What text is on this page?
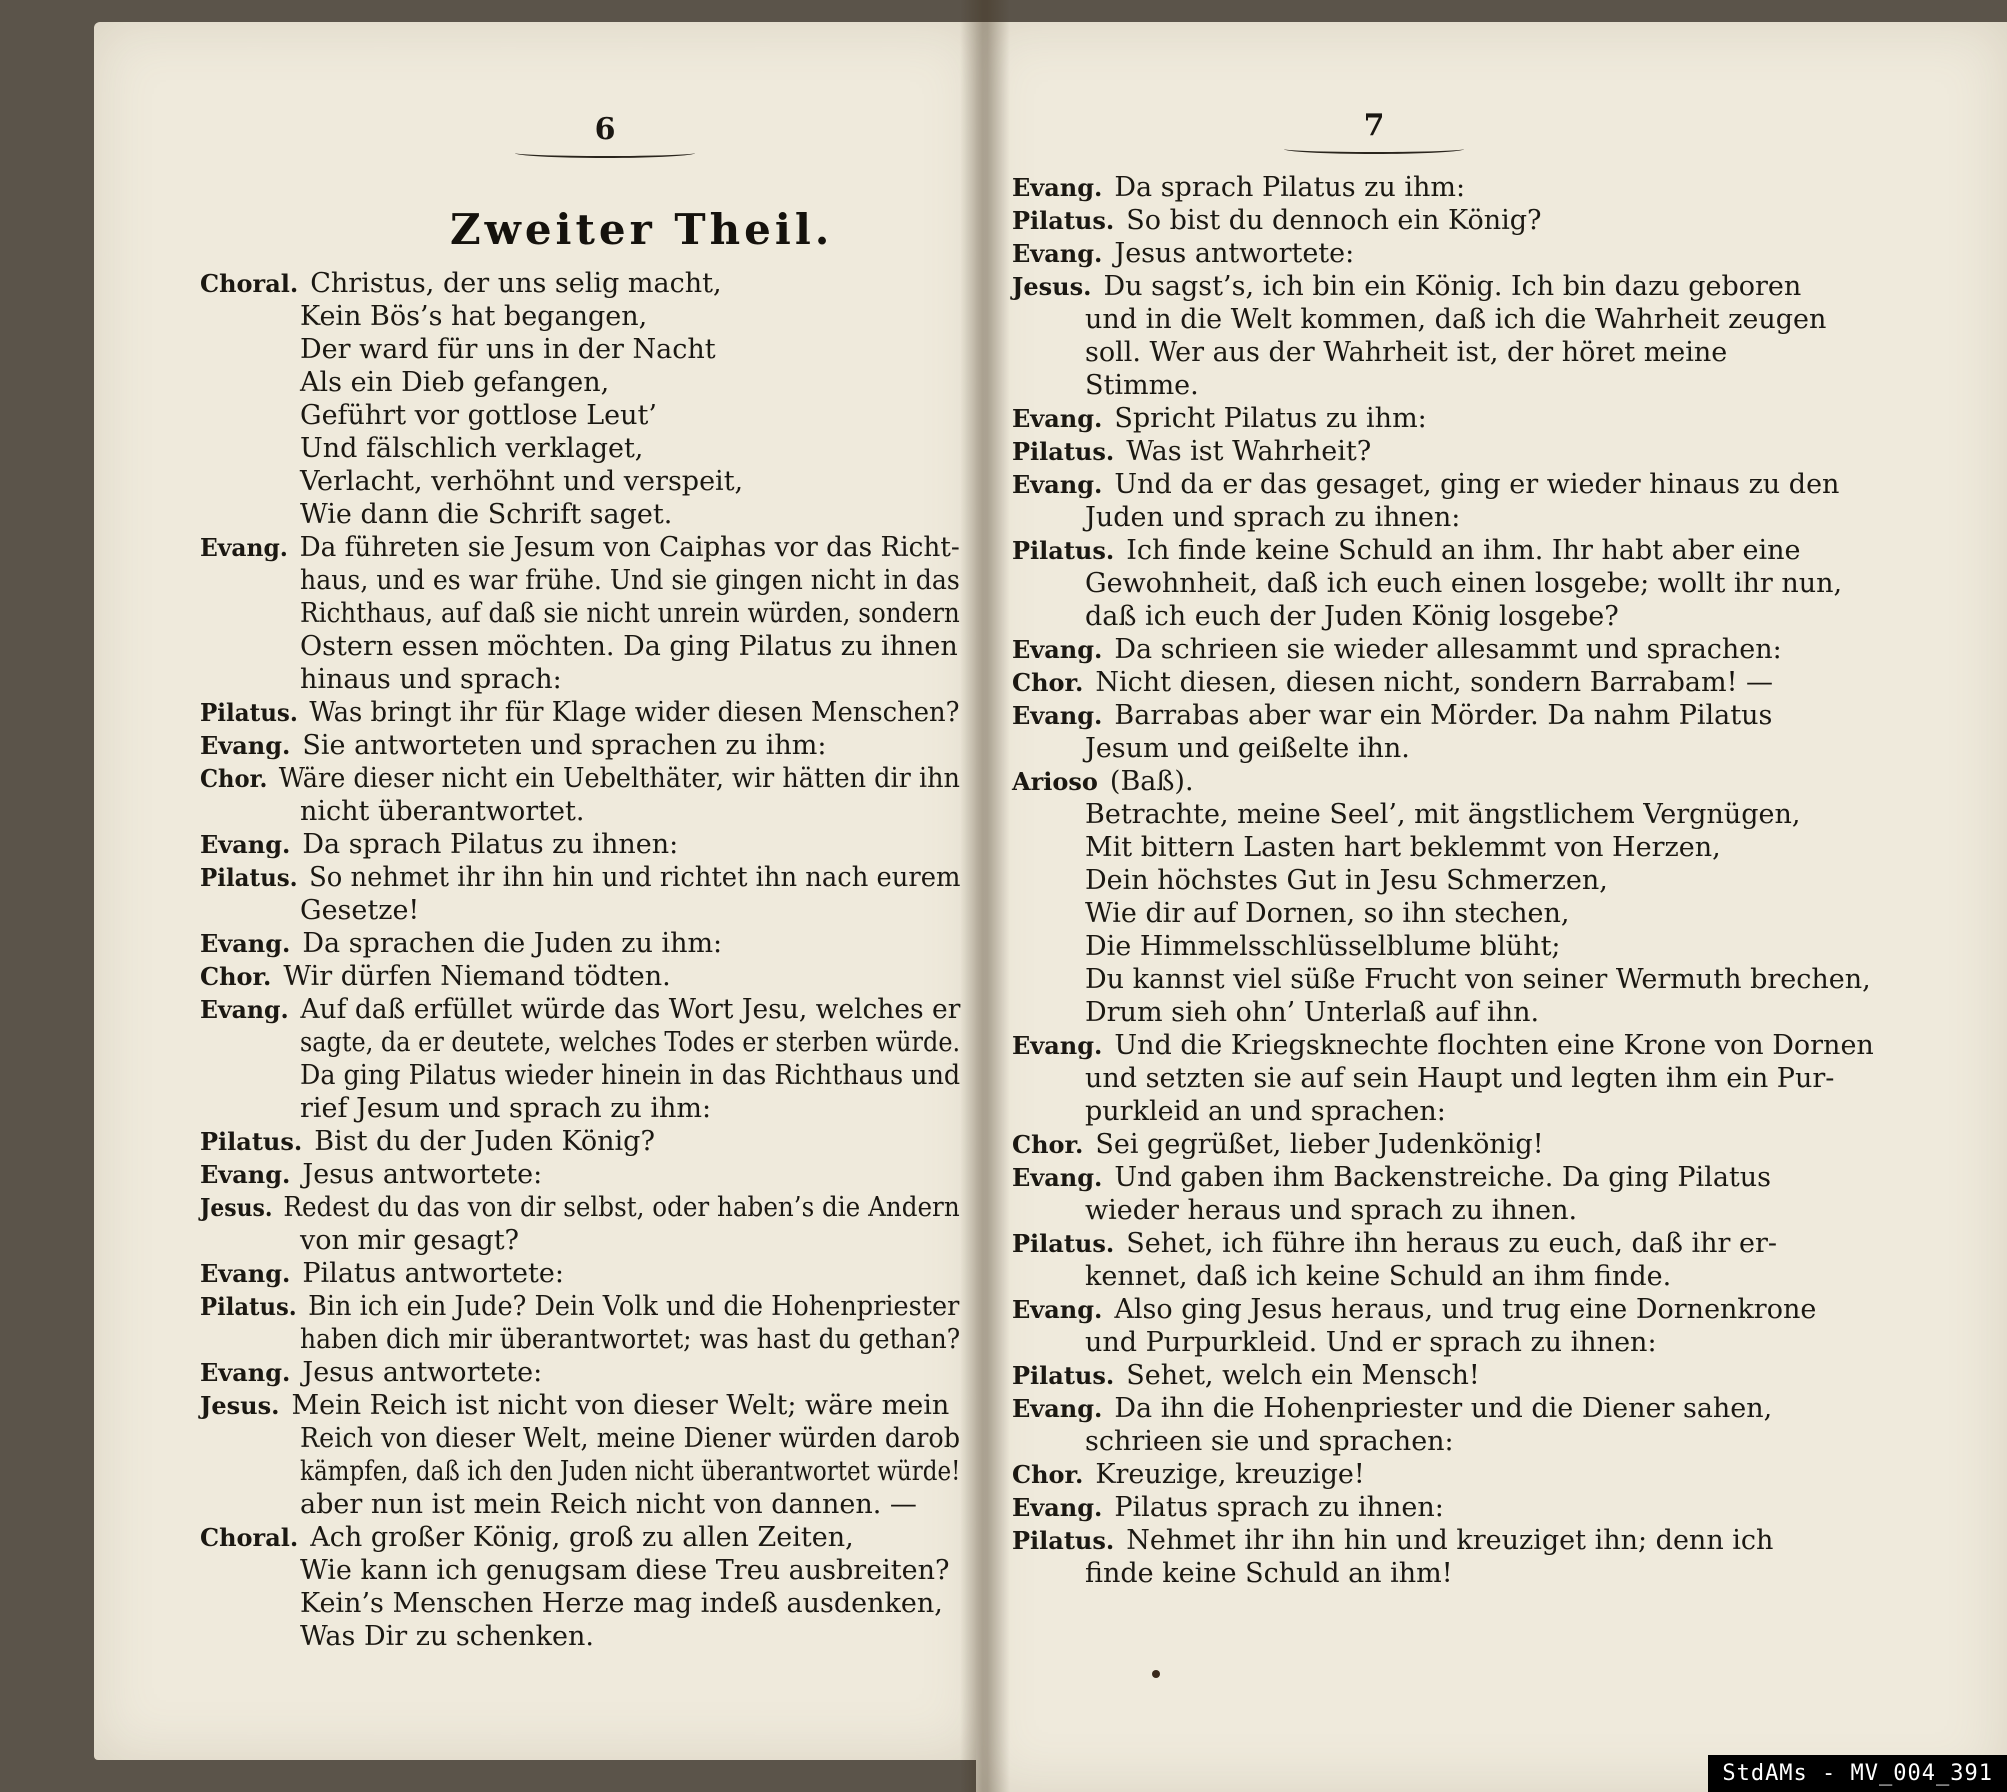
6	7
Zweiter Theil.
Choral. Christus, der uns selig macht,
Kein Bös’s hat begangen,
Der ward für uns in der Nacht
Als ein Dieb gefangen,
Geführt vor gottlose Leut’
Und fälschlich verklaget,
Verlacht, verhöhnt und verspeit,
Wie dann die Schrift saget.
Evang. Da führeten sie Jesum von Caiphas vor das Richt-
haus, und es war frühe. Und sie gingen nicht in das
Richthaus, auf daß sie nicht unrein würden, sondern
Ostern essen möchten. Da ging Pilatus zu ihnen
hinaus und sprach:
Pilatus. Was bringt ihr für Klage wider diesen Menschen?
Evang. Sie antworteten und sprachen zu ihm:
Chor. Wäre dieser nicht ein Uebelthäter, wir hätten dir ihn
nicht überantwortet.
Evang. Da sprach Pilatus zu ihnen:
Pilatus. So nehmet ihr ihn hin und richtet ihn nach eurem
Gesetze!
Evang. Da sprachen die Juden zu ihm:
Chor. Wir dürfen Niemand tödten.
Evang. Auf daß erfüllet würde das Wort Jesu, welches er
sagte, da er deutete, welches Todes er sterben würde.
Da ging Pilatus wieder hinein in das Richthaus und
rief Jesum und sprach zu ihm:
Pilatus. Bist du der Juden König?
Evang. Jesus antwortete:
Jesus. Redest du das von dir selbst, oder haben’s die Andern
von mir gesagt?
Evang. Pilatus antwortete:
Pilatus. Bin ich ein Jude? Dein Volk und die Hohenpriester
haben dich mir überantwortet; was hast du gethan?
Evang. Jesus antwortete:
Jesus. Mein Reich ist nicht von dieser Welt; wäre mein
Reich von dieser Welt, meine Diener würden darob
kämpfen, daß ich den Juden nicht überantwortet würde!
aber nun ist mein Reich nicht von dannen. —
Choral. Ach großer König, groß zu allen Zeiten,
Wie kann ich genugsam diese Treu ausbreiten?
Kein’s Menschen Herze mag indeß ausdenken,
Was Dir zu schenken.
Evang. Da sprach Pilatus zu ihm:
Pilatus. So bist du dennoch ein König?
Evang. Jesus antwortete:
Jesus. Du sagst’s, ich bin ein König. Ich bin dazu geboren
und in die Welt kommen, daß ich die Wahrheit zeugen
soll. Wer aus der Wahrheit ist, der höret meine
Stimme.
Evang. Spricht Pilatus zu ihm:
Pilatus. Was ist Wahrheit?
Evang. Und da er das gesaget, ging er wieder hinaus zu den
Juden und sprach zu ihnen:
Pilatus. Ich finde keine Schuld an ihm. Ihr habt aber eine
Gewohnheit, daß ich euch einen losgebe; wollt ihr nun,
daß ich euch der Juden König losgebe?
Evang. Da schrieen sie wieder allesammt und sprachen:
Chor. Nicht diesen, diesen nicht, sondern Barrabam! —
Evang. Barrabas aber war ein Mörder. Da nahm Pilatus
Jesum und geißelte ihn.
Arioso (Baß).
Betrachte, meine Seel’, mit ängstlichem Vergnügen,
Mit bittern Lasten hart beklemmt von Herzen,
Dein höchstes Gut in Jesu Schmerzen,
Wie dir auf Dornen, so ihn stechen,
Die Himmelsschlüsselblume blüht;
Du kannst viel süße Frucht von seiner Wermuth brechen,
Drum sieh ohn’ Unterlaß auf ihn.
Evang. Und die Kriegsknechte flochten eine Krone von Dornen
und setzten sie auf sein Haupt und legten ihm ein Pur-
purkleid an und sprachen:
Chor. Sei gegrüßet, lieber Judenkönig!
Evang. Und gaben ihm Backenstreiche. Da ging Pilatus
wieder heraus und sprach zu ihnen.
Pilatus. Sehet, ich führe ihn heraus zu euch, daß ihr er-
kennet, daß ich keine Schuld an ihm finde.
Evang. Also ging Jesus heraus, und trug eine Dornenkrone
und Purpurkleid. Und er sprach zu ihnen:
Pilatus. Sehet, welch ein Mensch!
Evang. Da ihn die Hohenpriester und die Diener sahen,
schrieen sie und sprachen:
Chor. Kreuzige, kreuzige!
Evang. Pilatus sprach zu ihnen:
Pilatus. Nehmet ihr ihn hin und kreuziget ihn; denn ich
finde keine Schuld an ihm!
StdAMs - MV_004_391
